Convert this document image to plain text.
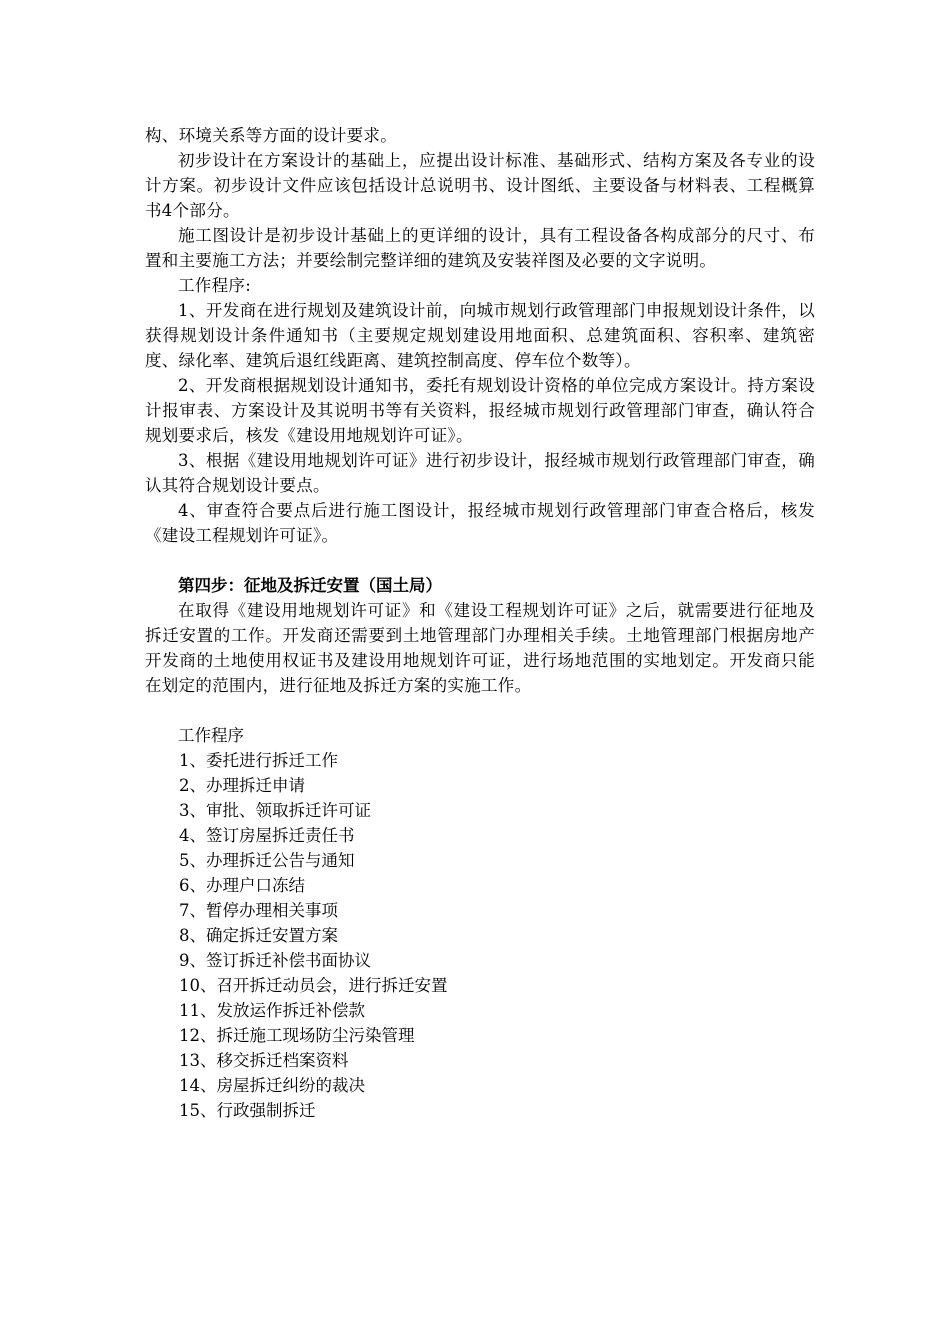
构、环境关系等方面的设计要求。

初步设计在方案设计的基础上，应提出设计标准、基础形式、结构方案及各专业的设计方案。初步设计文件应该包括设计总说明书、设计图纸、主要设备与材料表、工程概算书4个部分。

施工图设计是初步设计基础上的更详细的设计，具有工程设备各构成部分的尺寸、布置和主要施工方法；并要绘制完整详细的建筑及安装祥图及必要的文字说明。

工作程序:

1、开发商在进行规划及建筑设计前，向城市规划行政管理部门申报规划设计条件，以获得规划设计条件通知书（主要规定规划建设用地面积、总建筑面积、容积率、建筑密度、绿化率、建筑后退红线距离、建筑控制高度、停车位个数等）。

2、开发商根据规划设计通知书，委托有规划设计资格的单位完成方案设计。持方案设计报审表、方案设计及其说明书等有关资料，报经城市规划行政管理部门审查，确认符合规划要求后，核发《建设用地规划许可证》。

3、根据《建设用地规划许可证》进行初步设计，报经城市规划行政管理部门审查，确认其符合规划设计要点。

4、审查符合要点后进行施工图设计，报经城市规划行政管理部门审查合格后，核发《建设工程规划许可证》。

第四步：征地及拆迁安置（国土局）

在取得《建设用地规划许可证》和《建设工程规划许可证》之后，就需要进行征地及拆迁安置的工作。开发商还需要到土地管理部门办理相关手续。土地管理部门根据房地产开发商的土地使用权证书及建设用地规划许可证，进行场地范围的实地划定。开发商只能在划定的范围内，进行征地及拆迁方案的实施工作。

工作程序

1、委托进行拆迁工作
2、办理拆迁申请
3、审批、领取拆迁许可证
4、签订房屋拆迁责任书
5、办理拆迁公告与通知
6、办理户口冻结
7、暂停办理相关事项
8、确定拆迁安置方案
9、签订拆迁补偿书面协议
10、召开拆迁动员会，进行拆迁安置
11、发放运作拆迁补偿款
12、拆迁施工现场防尘污染管理
13、移交拆迁档案资料
14、房屋拆迁纠纷的裁决
15、行政强制拆迁
